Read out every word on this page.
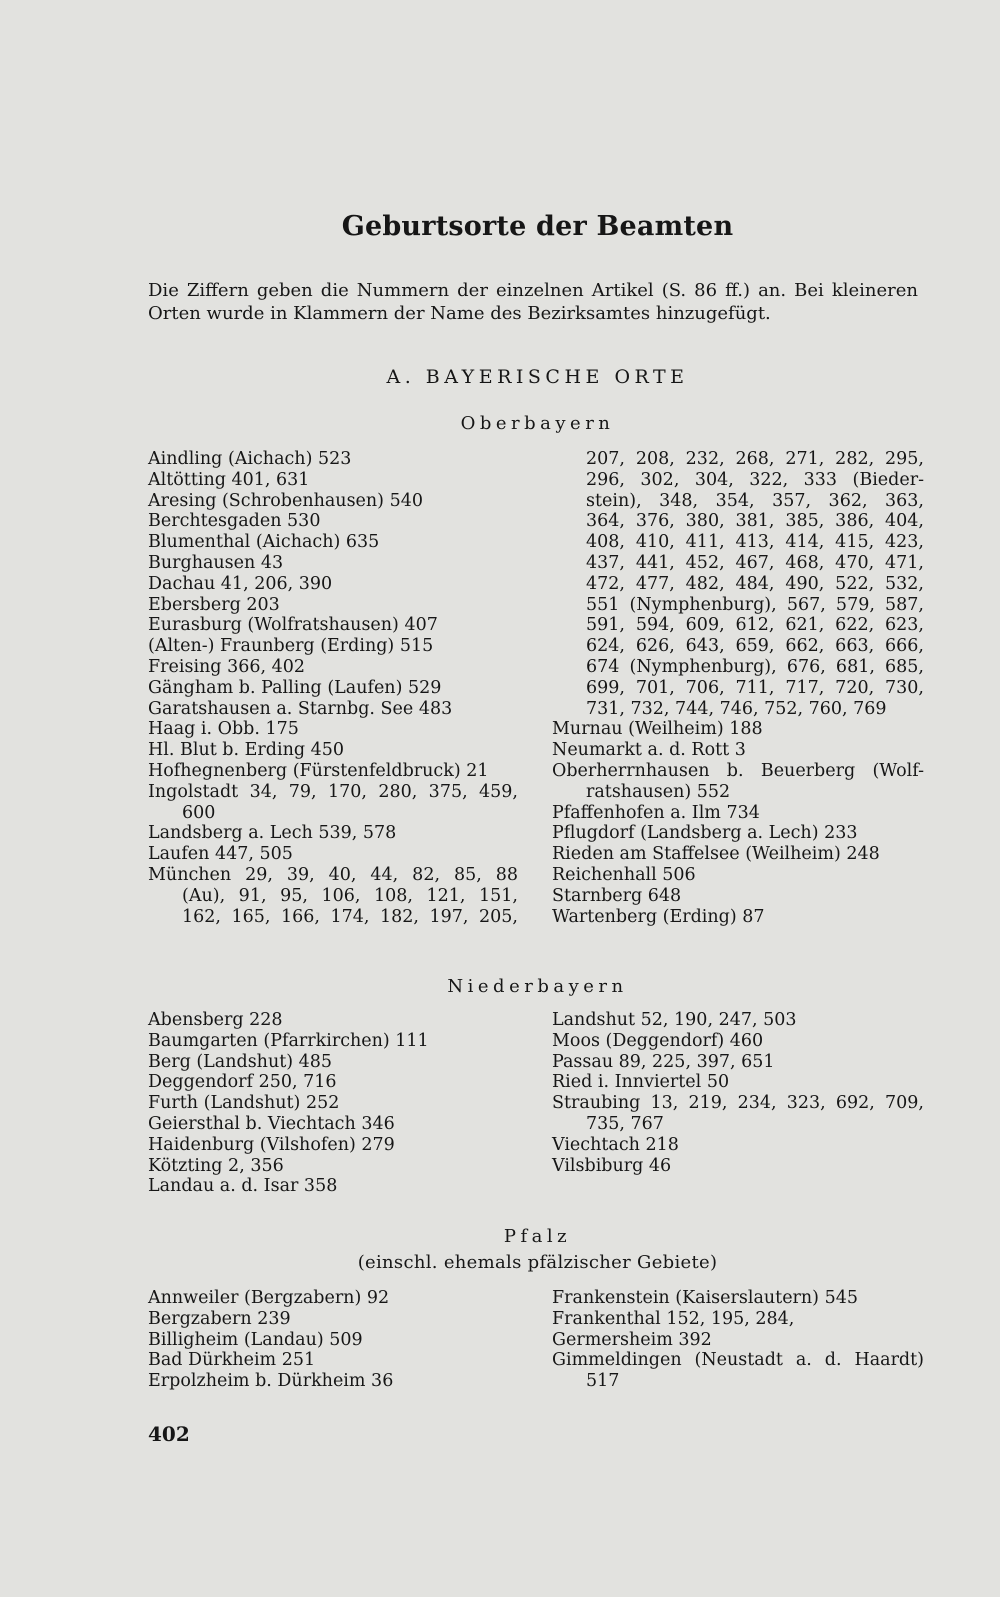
Geburtsorte der Beamten
Die Ziffern geben die Nummern der einzelnen Artikel (S. 86 ff.) an. Bei kleineren
Orten wurde in Klammern der Name des Bezirksamtes hinzugefügt.
A. BAYERISCHE ORTE
Oberbayern
Aindling (Aichach) 523
Altötting 401, 631
Aresing (Schrobenhausen) 540
Berchtesgaden 530
Blumenthal (Aichach) 635
Burghausen 43
Dachau 41, 206, 390
Ebersberg 203
Eurasburg (Wolfratshausen) 407
(Alten-) Fraunberg (Erding) 515
Freising 366, 402
Gängham b. Palling (Laufen) 529
Garatshausen a. Starnbg. See 483
Haag i. Obb. 175
Hl. Blut b. Erding 450
Hofhegnenberg (Fürstenfeldbruck) 21
Ingolstadt 34, 79, 170, 280, 375, 459,
600
Landsberg a. Lech 539, 578
Laufen 447, 505
München 29, 39, 40, 44, 82, 85, 88
(Au), 91, 95, 106, 108, 121, 151,
162, 165, 166, 174, 182, 197, 205,
207, 208, 232, 268, 271, 282, 295,
296, 302, 304, 322, 333 (Bieder-
stein), 348, 354, 357, 362, 363,
364, 376, 380, 381, 385, 386, 404,
408, 410, 411, 413, 414, 415, 423,
437, 441, 452, 467, 468, 470, 471,
472, 477, 482, 484, 490, 522, 532,
551 (Nymphenburg), 567, 579, 587,
591, 594, 609, 612, 621, 622, 623,
624, 626, 643, 659, 662, 663, 666,
674 (Nymphenburg), 676, 681, 685,
699, 701, 706, 711, 717, 720, 730,
731, 732, 744, 746, 752, 760, 769
Murnau (Weilheim) 188
Neumarkt a. d. Rott 3
Oberherrnhausen b. Beuerberg (Wolf-
ratshausen) 552
Pfaffenhofen a. Ilm 734
Pflugdorf (Landsberg a. Lech) 233
Rieden am Staffelsee (Weilheim) 248
Reichenhall 506
Starnberg 648
Wartenberg (Erding) 87
Niederbayern
Abensberg 228
Baumgarten (Pfarrkirchen) 111
Berg (Landshut) 485
Deggendorf 250, 716
Furth (Landshut) 252
Geiersthal b. Viechtach 346
Haidenburg (Vilshofen) 279
Kötzting 2, 356
Landau a. d. Isar 358
Landshut 52, 190, 247, 503
Moos (Deggendorf) 460
Passau 89, 225, 397, 651
Ried i. Innviertel 50
Straubing 13, 219, 234, 323, 692, 709,
735, 767
Viechtach 218
Vilsbiburg 46
Pfalz
(einschl. ehemals pfälzischer Gebiete)
Annweiler (Bergzabern) 92
Bergzabern 239
Billigheim (Landau) 509
Bad Dürkheim 251
Erpolzheim b. Dürkheim 36
Frankenstein (Kaiserslautern) 545
Frankenthal 152, 195, 284,
Germersheim 392
Gimmeldingen (Neustadt a. d. Haardt)
517
402
